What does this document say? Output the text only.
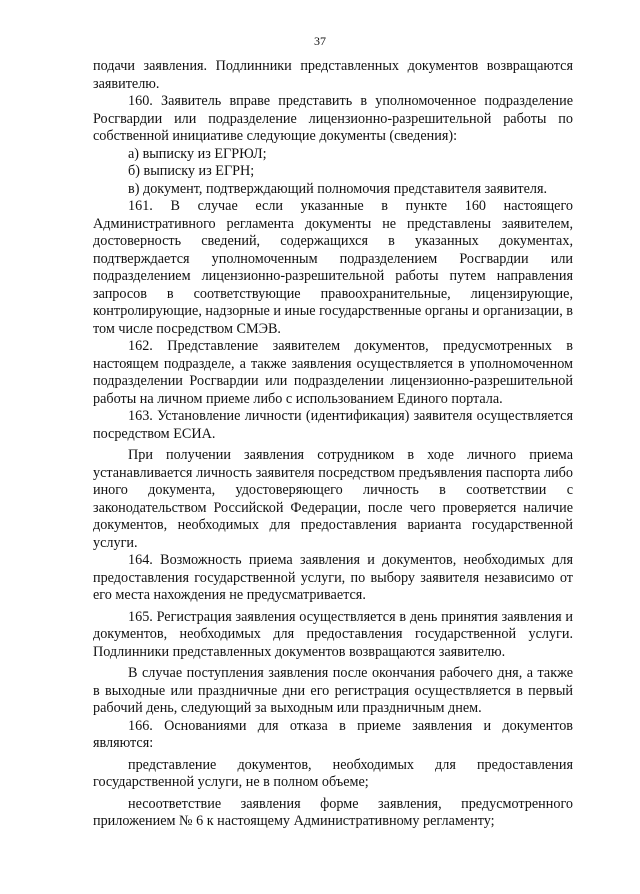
37

подачи заявления. Подлинники представленных документов возвращаются заявителю.

160. Заявитель вправе представить в уполномоченное подразделение Росгвардии или подразделение лицензионно-разрешительной работы по собственной инициативе следующие документы (сведения):

а) выписку из ЕГРЮЛ;

б) выписку из ЕГРН;

в) документ, подтверждающий полномочия представителя заявителя.

161. В случае если указанные в пункте 160 настоящего Административного регламента документы не представлены заявителем, достоверность сведений, содержащихся в указанных документах, подтверждается уполномоченным подразделением Росгвардии или подразделением лицензионно-разрешительной работы путем направления запросов в соответствующие правоохранительные, лицензирующие, контролирующие, надзорные и иные государственные органы и организации, в том числе посредством СМЭВ.

162. Представление заявителем документов, предусмотренных в настоящем подразделе, а также заявления осуществляется в уполномоченном подразделении Росгвардии или подразделении лицензионно-разрешительной работы на личном приеме либо с использованием Единого портала.

163. Установление личности (идентификация) заявителя осуществляется посредством ЕСИА.

При получении заявления сотрудником в ходе личного приема устанавливается личность заявителя посредством предъявления паспорта либо иного документа, удостоверяющего личность в соответствии с законодательством Российской Федерации, после чего проверяется наличие документов, необходимых для предоставления варианта государственной услуги.

164. Возможность приема заявления и документов, необходимых для предоставления государственной услуги, по выбору заявителя независимо от его места нахождения не предусматривается.

165. Регистрация заявления осуществляется в день принятия заявления и документов, необходимых для предоставления государственной услуги. Подлинники представленных документов возвращаются заявителю.

В случае поступления заявления после окончания рабочего дня, а также в выходные или праздничные дни его регистрация осуществляется в первый рабочий день, следующий за выходным или праздничным днем.

166. Основаниями для отказа в приеме заявления и документов являются:

представление документов, необходимых для предоставления государственной услуги, не в полном объеме;

несоответствие заявления форме заявления, предусмотренного приложением № 6 к настоящему Административному регламенту;
